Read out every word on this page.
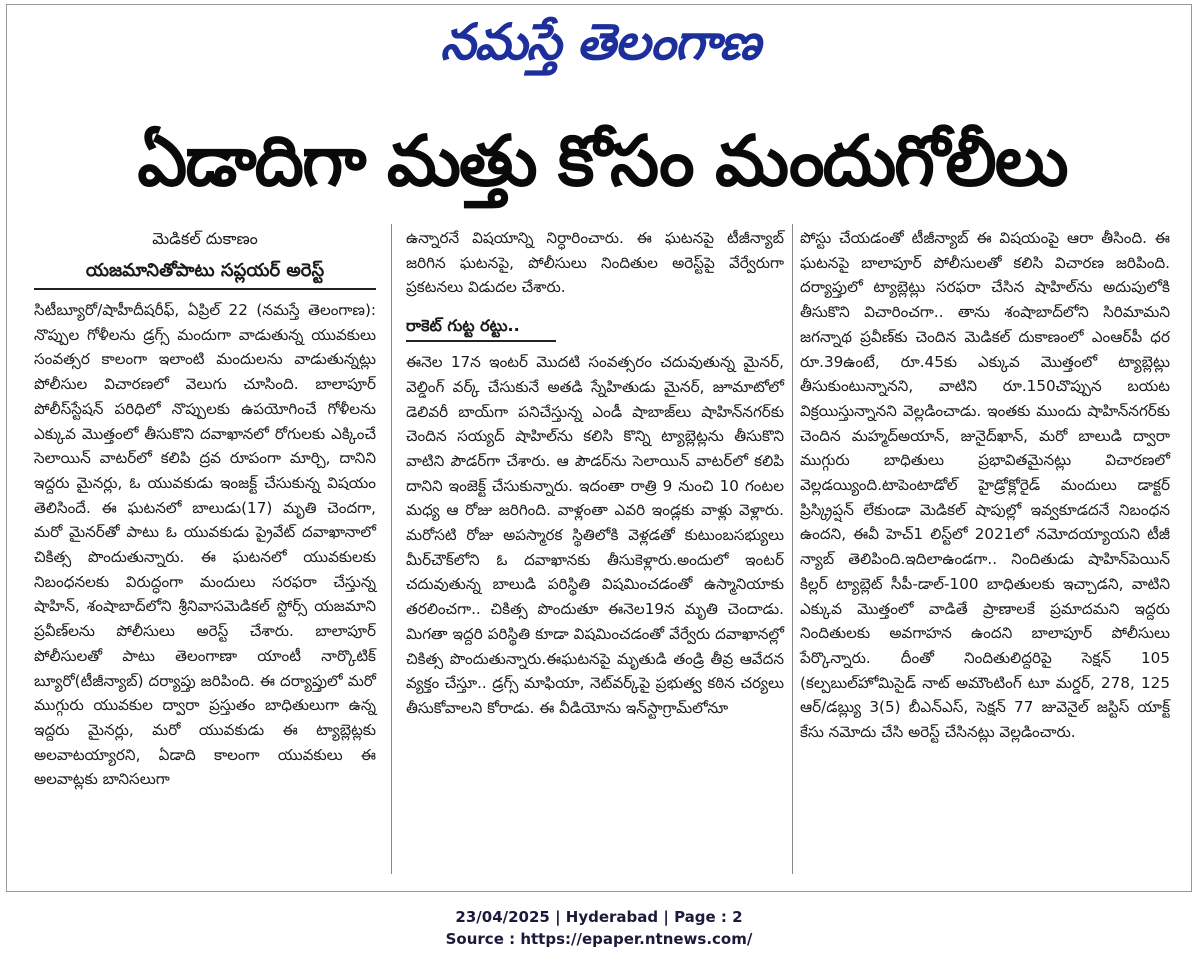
నమస్తే తెలంగాణ
ఏడాదిగా మత్తు కోసం మందుగోలీలు
మెడికల్ దుకాణం
యజమానితోపాటు సప్లయర్ అరెస్ట్

సిటీబ్యూరో/షాహీదీషరీఫ్, ఏప్రిల్ 22 (నమస్తే తెలంగాణ): నొప్పుల గోళీలను డ్రగ్స్ మందుగా వాడుతున్న యువకులు సంవత్సర కాలంగా ఇలాంటి మందులను వాడుతున్నట్లు పోలీసుల విచారణలో వెలుగు చూసింది. బాలాపూర్ పోలీస్‌స్టేషన్ పరిధిలో నొప్పులకు ఉపయోగించే గోళీలను ఎక్కువ మొత్తంలో తీసుకొని దవాఖానలో రోగులకు ఎక్కించే సెలాయిన్ వాటర్‌లో కలిపి ద్రవ రూపంగా మార్చి, దానిని ఇద్దరు మైనర్లు, ఓ యువకుడు ఇంజక్ట్ చేసుకున్న విషయం తెలిసిందే. ఈ ఘటనలో బాలుడు(17) మృతి చెందగా, మరో మైనర్‌తో పాటు ఓ యువకుడు ప్రైవేట్ దవాఖానాలో చికిత్స పొందుతున్నారు. ఈ ఘటనలో యువకులకు నిబంధనలకు విరుద్ధంగా మందులు సరఫరా చేస్తున్న షాహిన్, శంషాబాద్‌లోని శ్రీనివాసమెడికల్ స్టోర్స్ యజమాని ప్రవీణ్‌లను పోలీసులు అరెస్ట్ చేశారు. బాలాపూర్ పోలీసులతో పాటు తెలంగాణా యాంటీ నార్కొటిక్ బ్యూరో(టీజీన్యాబ్) దర్యాప్తు జరిపింది. ఈ దర్యాప్తులో మరో ముగ్గురు యువకుల ద్వారా ప్రస్తుతం బాధితులుగా ఉన్న ఇద్దరు మైనర్లు, మరో యువకుడు ఈ ట్యాబ్లెట్లకు అలవాటయ్యారని, ఏడాది కాలంగా యువకులు ఈ అలవాట్లకు బానిసలుగా

ఉన్నారనే విషయాన్ని నిర్ధారించారు. ఈ ఘటనపై టీజీన్యాబ్ జరిగిన ఘటనపై, పోలీసులు నిందితుల అరెస్ట్‌పై వేర్వేరుగా ప్రకటనలు విడుదల చేశారు.

రాకెట్ గుట్ట రట్టు..

ఈనెల 17న ఇంటర్ మొదటి సంవత్సరం చదువుతున్న మైనర్, వెల్డింగ్ వర్క్ చేసుకునే అతడి స్నేహితుడు మైనర్, జూమాటోలో డెలివరీ బాయ్‌గా పనిచేస్తున్న ఎండీ షాబాజ్‌లు షాహిన్‌నగర్‌కు చెందిన సయ్యద్ షాహిల్‌ను కలిసి కొన్ని ట్యాబ్లెట్లను తీసుకొని వాటిని పౌడర్‌గా చేశారు. ఆ పౌడర్‌ను సెలాయిన్ వాటర్‌లో కలిపి దానిని ఇంజెక్ట్ చేసుకున్నారు. ఇదంతా రాత్రి 9 నుంచి 10 గంటల మధ్య ఆ రోజు జరిగింది. వాళ్లంతా ఎవరి ఇండ్లకు వాళ్లు వెళ్లారు. మరోసటి రోజు అపస్మారక స్థితిలోకి వెళ్లడతో కుటుంబసభ్యులు మీర్‌చౌక్‌లోని ఓ దవాఖానకు తీసుకెళ్లారు.అందులో ఇంటర్ చదువుతున్న బాలుడి పరిస్థితి విషమించడంతో ఉస్మానియాకు తరలించగా.. చికిత్స పొందుతూ ఈనెల19న మృతి చెందాడు. మిగతా ఇద్దరి పరిస్థితి కూడా విషమించడంతో వేర్వేరు దవాఖానల్లో చికిత్స పొందుతున్నారు.ఈఘటనపై మృతుడి తండ్రి తీవ్ర ఆవేదన వ్యక్తం చేస్తూ.. డ్రగ్స్ మాఫియా, నెట్‌వర్క్‌పై ప్రభుత్వ కఠిన చర్యలు తీసుకోవాలని కోరాడు. ఈ వీడియోను ఇన్‌స్టాగ్రామ్‌లోనూ

పోస్టు చేయడంతో టీజీన్యాబ్ ఈ విషయంపై ఆరా తీసింది. ఈ ఘటనపై బాలాపూర్ పోలీసులతో కలిసి విచారణ జరిపింది. దర్యాప్తులో ట్యాబ్లెట్లు సరఫరా చేసిన షాహిల్‌ను అదుపులోకి తీసుకొని విచారించగా.. తాను శంషాబాద్‌లోని సిరిమామని జగన్నాథ ప్రవీణ్‌కు చెందిన మెడికల్ దుకాణంలో ఎంఆర్‌పీ ధర రూ.39ఉంటే, రూ.45కు ఎక్కువ మొత్తంలో ట్యాబ్లెట్లు తీసుకుంటున్నానని, వాటిని రూ.150చొప్పున బయట విక్రయిస్తున్నానని వెల్లడించాడు. ఇంతకు ముందు షాహిన్‌నగర్‌కు చెందిన మహ్మద్అయాన్, జునైద్‌ఖాన్, మరో బాలుడి ద్వారా ముగ్గురు బాధితులు ప్రభావితమైనట్లు విచారణలో వెల్లడయ్యింది.టాపెంటాడోల్ హైడ్రోక్లోరైడ్ మందులు డాక్టర్ ప్రిస్క్రిప్షన్ లేకుండా మెడికల్ షాపుల్లో ఇవ్వకూడదనే నిబంధన ఉందని, ఈవీ హెచ్1 లిస్ట్‌లో 2021లో నమోదయ్యాయని టీజీ న్యాబ్ తెలిపింది.ఇదిలాఉండగా.. నిందితుడు షాహిన్‌పెయిన్ కిల్లర్ ట్యాబ్లెట్ సీపీ-డాల్-100 బాధితులకు ఇచ్చాడని, వాటిని ఎక్కువ మొత్తంలో వాడితే ప్రాణాలకే ప్రమాదమని ఇద్దరు నిందితులకు అవగాహన ఉందని బాలాపూర్ పోలీసులు పేర్కొన్నారు. దీంతో నిందితులిద్దరిపై సెక్షన్ 105 (కల్పబుల్‌హోమిసైడ్ నాట్ అమౌంటింగ్ టూ మర్డర్, 278, 125 ఆర్/డబ్ల్యు 3(5) బీఎన్ఎస్, సెక్షన్ 77 జువెనైల్ జస్టిస్ యాక్ట్ కేసు నమోదు చేసి అరెస్ట్ చేసినట్లు వెల్లడించారు.

23/04/2025 | Hyderabad | Page : 2
Source : https://epaper.ntnews.com/
